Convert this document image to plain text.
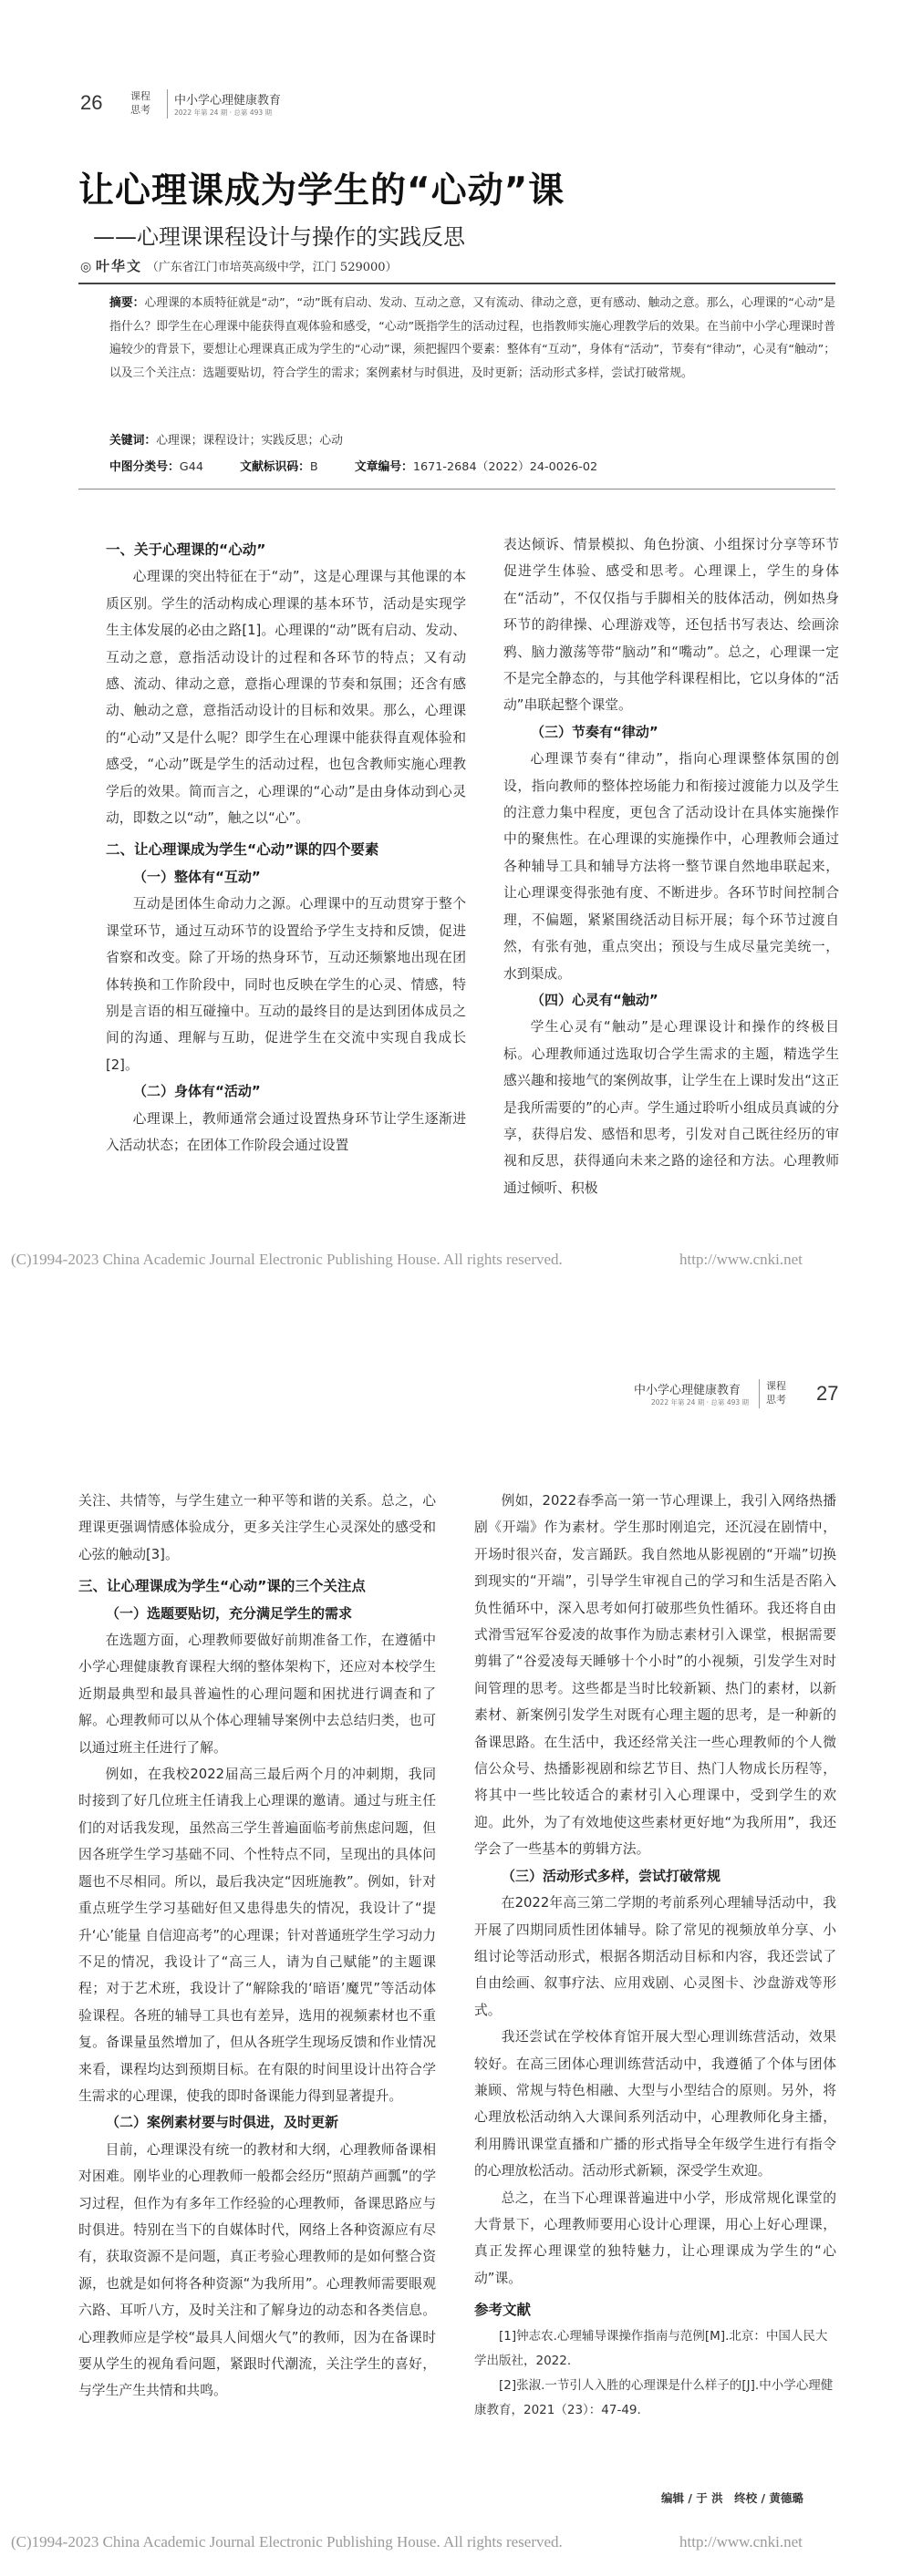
26	课程
思考
中小学心理健康教育
2022 年第 24 期 · 总第 493 期
让心理课成为学生的“心动”课
——心理课课程设计与操作的实践反思
◎ 叶华文 （广东省江门市培英高级中学，江门 529000）
摘要：心理课的本质特征就是“动”，“动”既有启动、发动、互动之意，又有流动、律动之意，更有感动、触动之意。那么，心理课的“心动”是指什么？即学生在心理课中能获得直观体验和感受，“心动”既指学生的活动过程，也指教师实施心理教学后的效果。在当前中小学心理课时普遍较少的背景下，要想让心理课真正成为学生的“心动”课，须把握四个要素：整体有“互动”，身体有“活动”，节奏有“律动”，心灵有“触动”；以及三个关注点：选题要贴切，符合学生的需求；案例素材与时俱进，及时更新；活动形式多样，尝试打破常规。
关键词：心理课；课程设计；实践反思；心动
中图分类号：G44	文献标识码：B	文章编号：1671-2684（2022）24-0026-02
一、关于心理课的“心动”
心理课的突出特征在于“动”，这是心理课与其他课的本质区别。学生的活动构成心理课的基本环节，活动是实现学生主体发展的必由之路[1]。心理课的“动”既有启动、发动、互动之意，意指活动设计的过程和各环节的特点；又有动感、流动、律动之意，意指心理课的节奏和氛围；还含有感动、触动之意，意指活动设计的目标和效果。那么，心理课的“心动”又是什么呢？即学生在心理课中能获得直观体验和感受，“心动”既是学生的活动过程，也包含教师实施心理教学后的效果。简而言之，心理课的“心动”是由身体动到心灵动，即数之以“动”，触之以“心”。
二、让心理课成为学生“心动”课的四个要素
（一）整体有“互动”
互动是团体生命动力之源。心理课中的互动贯穿于整个课堂环节，通过互动环节的设置给予学生支持和反馈，促进省察和改变。除了开场的热身环节，互动还频繁地出现在团体转换和工作阶段中，同时也反映在学生的心灵、情感，特别是言语的相互碰撞中。互动的最终目的是达到团体成员之间的沟通、理解与互助，促进学生在交流中实现自我成长[2]。
（二）身体有“活动”
心理课上，教师通常会通过设置热身环节让学生逐渐进入活动状态；在团体工作阶段会通过设置
表达倾诉、情景模拟、角色扮演、小组探讨分享等环节促进学生体验、感受和思考。心理课上，学生的身体在“活动”，不仅仅指与手脚相关的肢体活动，例如热身环节的韵律操、心理游戏等，还包括书写表达、绘画涂鸦、脑力激荡等带“脑动”和“嘴动”。总之，心理课一定不是完全静态的，与其他学科课程相比，它以身体的“活动”串联起整个课堂。
（三）节奏有“律动”
心理课节奏有“律动”，指向心理课整体氛围的创设，指向教师的整体控场能力和衔接过渡能力以及学生的注意力集中程度，更包含了活动设计在具体实施操作中的聚焦性。在心理课的实施操作中，心理教师会通过各种辅导工具和辅导方法将一整节课自然地串联起来，让心理课变得张弛有度、不断进步。各环节时间控制合理，不偏题，紧紧围绕活动目标开展；每个环节过渡自然，有张有弛，重点突出；预设与生成尽量完美统一，水到渠成。
（四）心灵有“触动”
学生心灵有“触动”是心理课设计和操作的终极目标。心理教师通过选取切合学生需求的主题，精选学生感兴趣和接地气的案例故事，让学生在上课时发出“这正是我所需要的”的心声。学生通过聆听小组成员真诚的分享，获得启发、感悟和思考，引发对自己既往经历的审视和反思，获得通向未来之路的途径和方法。心理教师通过倾听、积极
(C)1994-2023 China Academic Journal Electronic Publishing House. All rights reserved.	http://www.cnki.net
中小学心理健康教育
2022 年第 24 期 · 总第 493 期
课程
思考	27
关注、共情等，与学生建立一种平等和谐的关系。总之，心理课更强调情感体验成分，更多关注学生心灵深处的感受和心弦的触动[3]。
三、让心理课成为学生“心动”课的三个关注点
（一）选题要贴切，充分满足学生的需求
在选题方面，心理教师要做好前期准备工作，在遵循中小学心理健康教育课程大纲的整体架构下，还应对本校学生近期最典型和最具普遍性的心理问题和困扰进行调查和了解。心理教师可以从个体心理辅导案例中去总结归类，也可以通过班主任进行了解。
例如，在我校2022届高三最后两个月的冲刺期，我同时接到了好几位班主任请我上心理课的邀请。通过与班主任们的对话我发现，虽然高三学生普遍面临考前焦虑问题，但因各班学生学习基础不同、个性特点不同，呈现出的具体问题也不尽相同。所以，最后我决定“因班施教”。例如，针对重点班学生学习基础好但又患得患失的情况，我设计了“提升‘心’能量 自信迎高考”的心理课；针对普通班学生学习动力不足的情况，我设计了“高三人，请为自己赋能”的主题课程；对于艺术班，我设计了“解除我的‘暗语’魔咒”等活动体验课程。各班的辅导工具也有差异，选用的视频素材也不重复。备课量虽然增加了，但从各班学生现场反馈和作业情况来看，课程均达到预期目标。在有限的时间里设计出符合学生需求的心理课，使我的即时备课能力得到显著提升。
（二）案例素材要与时俱进，及时更新
目前，心理课没有统一的教材和大纲，心理教师备课相对困难。刚毕业的心理教师一般都会经历“照葫芦画瓢”的学习过程，但作为有多年工作经验的心理教师，备课思路应与时俱进。特别在当下的自媒体时代，网络上各种资源应有尽有，获取资源不是问题，真正考验心理教师的是如何整合资源，也就是如何将各种资源“为我所用”。心理教师需要眼观六路、耳听八方，及时关注和了解身边的动态和各类信息。心理教师应是学校“最具人间烟火气”的教师，因为在备课时要从学生的视角看问题，紧跟时代潮流，关注学生的喜好，与学生产生共情和共鸣。
例如，2022春季高一第一节心理课上，我引入网络热播剧《开端》作为素材。学生那时刚追完，还沉浸在剧情中，开场时很兴奋，发言踊跃。我自然地从影视剧的“开端”切换到现实的“开端”，引导学生审视自己的学习和生活是否陷入负性循环中，深入思考如何打破那些负性循环。我还将自由式滑雪冠军谷爱凌的故事作为励志素材引入课堂，根据需要剪辑了“谷爱凌每天睡够十个小时”的小视频，引发学生对时间管理的思考。这些都是当时比较新颖、热门的素材，以新素材、新案例引发学生对既有心理主题的思考，是一种新的备课思路。在生活中，我还经常关注一些心理教师的个人微信公众号、热播影视剧和综艺节目、热门人物成长历程等，将其中一些比较适合的素材引入心理课中，受到学生的欢迎。此外，为了有效地使这些素材更好地“为我所用”，我还学会了一些基本的剪辑方法。
（三）活动形式多样，尝试打破常规
在2022年高三第二学期的考前系列心理辅导活动中，我开展了四期同质性团体辅导。除了常见的视频放单分享、小组讨论等活动形式，根据各期活动目标和内容，我还尝试了自由绘画、叙事疗法、应用戏剧、心灵图卡、沙盘游戏等形式。
我还尝试在学校体育馆开展大型心理训练营活动，效果较好。在高三团体心理训练营活动中，我遵循了个体与团体兼顾、常规与特色相融、大型与小型结合的原则。另外，将心理放松活动纳入大课间系列活动中，心理教师化身主播，利用腾讯课堂直播和广播的形式指导全年级学生进行有指令的心理放松活动。活动形式新颖，深受学生欢迎。
总之，在当下心理课普遍进中小学，形成常规化课堂的大背景下，心理教师要用心设计心理课，用心上好心理课，真正发挥心理课堂的独特魅力，让心理课成为学生的“心动”课。
参考文献
[1]钟志农.心理辅导课操作指南与范例[M].北京：中国人民大学出版社，2022.
[2]张淑.一节引人入胜的心理课是什么样子的[J].中小学心理健康教育，2021（23）：47-49.
编辑 / 于 洪　终校 / 黄德璐
(C)1994-2023 China Academic Journal Electronic Publishing House. All rights reserved.	http://www.cnki.net
